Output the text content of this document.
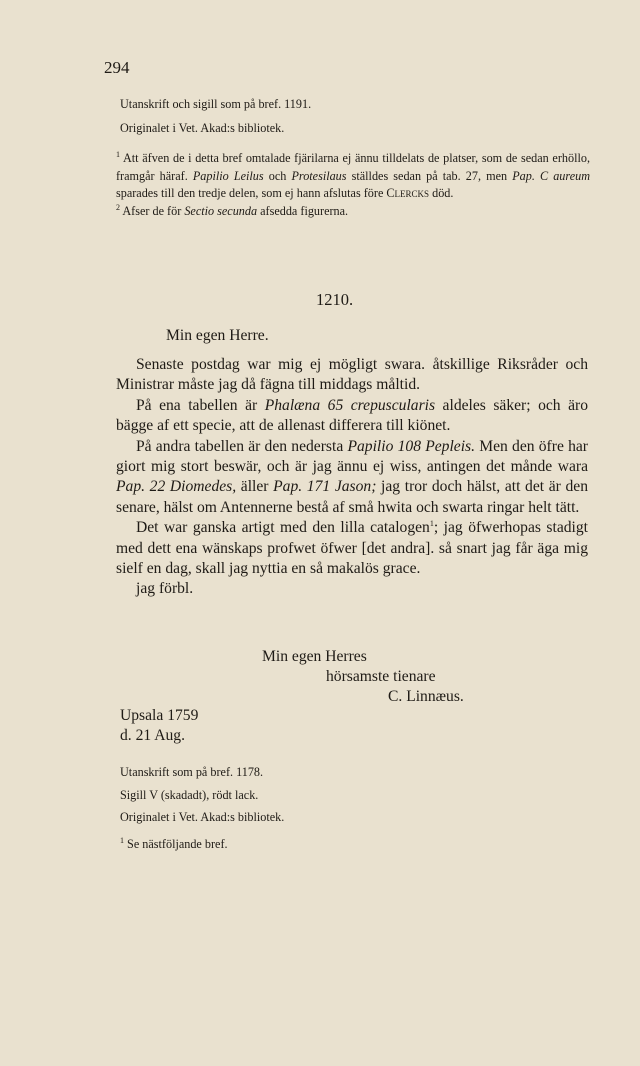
294
Utanskrift och sigill som på bref. 1191.
Originalet i Vet. Akad:s bibliotek.

$^1$ Att äfven de i detta bref omtalade fjärilarna ej ännu tilldelats de platser, som de sedan erhöllo, framgår häraf. Papilio Leilus och Protesilaus ställdes sedan på tab. 27, men Pap. C aureum sparades till den tredje delen, som ej hann afslutas före Clercks död.

$^2$ Afser de för Sectio secunda afsedda figurerna.

1210.
Min egen Herre.

Senaste postdag war mig ej mögligt swara. åtskillige Riksråder och Ministrar måste jag då fägna till middags måltid.

På ena tabellen är Phalæna 65 crepuscularis aldeles säker; och äro bägge af ett specie, att de allenast differera till kiönet.

På andra tabellen är den nedersta Papilio 108 Pepleis. Men den öfre har giort mig stort beswär, och är jag ännu ej wiss, antingen det månde wara Pap. 22 Diomedes, äller Pap. 171 Jason; jag tror doch hälst, att det är den senare, hälst om Antennerne bestå af små hwita och swarta ringar helt tätt.

Det war ganska artigt med den lilla catalogen$^1$; jag öfwerhopas stadigt med dett ena wänskaps profwet öfwer [det andra]. så snart jag får äga mig sielf en dag, skall jag nyttia en så makalös grace.

jag förbl.

Min egen Herres
hörsamste tienare
C. Linnæus.
Upsala 1759
d. 21 Aug.
Utanskrift som på bref. 1178.
Sigill V (skadadt), rödt lack.
Originalet i Vet. Akad:s bibliotek.
$^1$ Se nästföljande bref.
